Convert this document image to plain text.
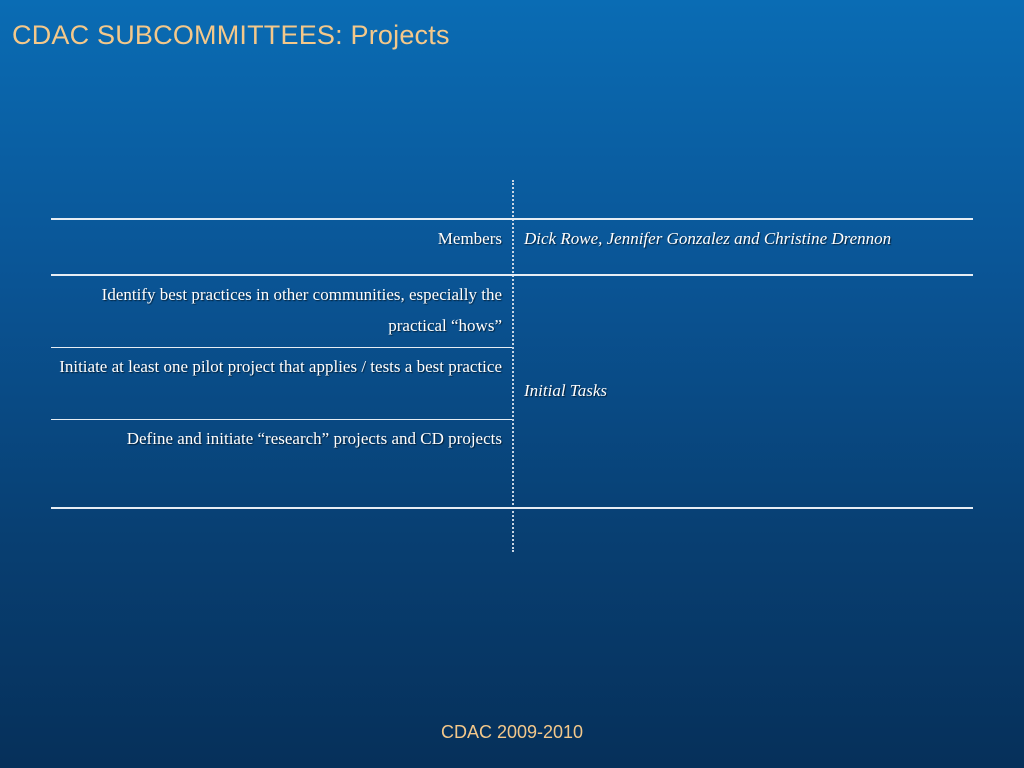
CDAC SUBCOMMITTEES: Projects
Members Dick Rowe, Jennifer Gonzalez and Christine Drennon
Identify best practices in other communities, especially the practical “hows”
Initiate at least one pilot project that applies / tests a best practice
Define and initiate “research” projects and CD projects
Initial Tasks
CDAC 2009-2010
